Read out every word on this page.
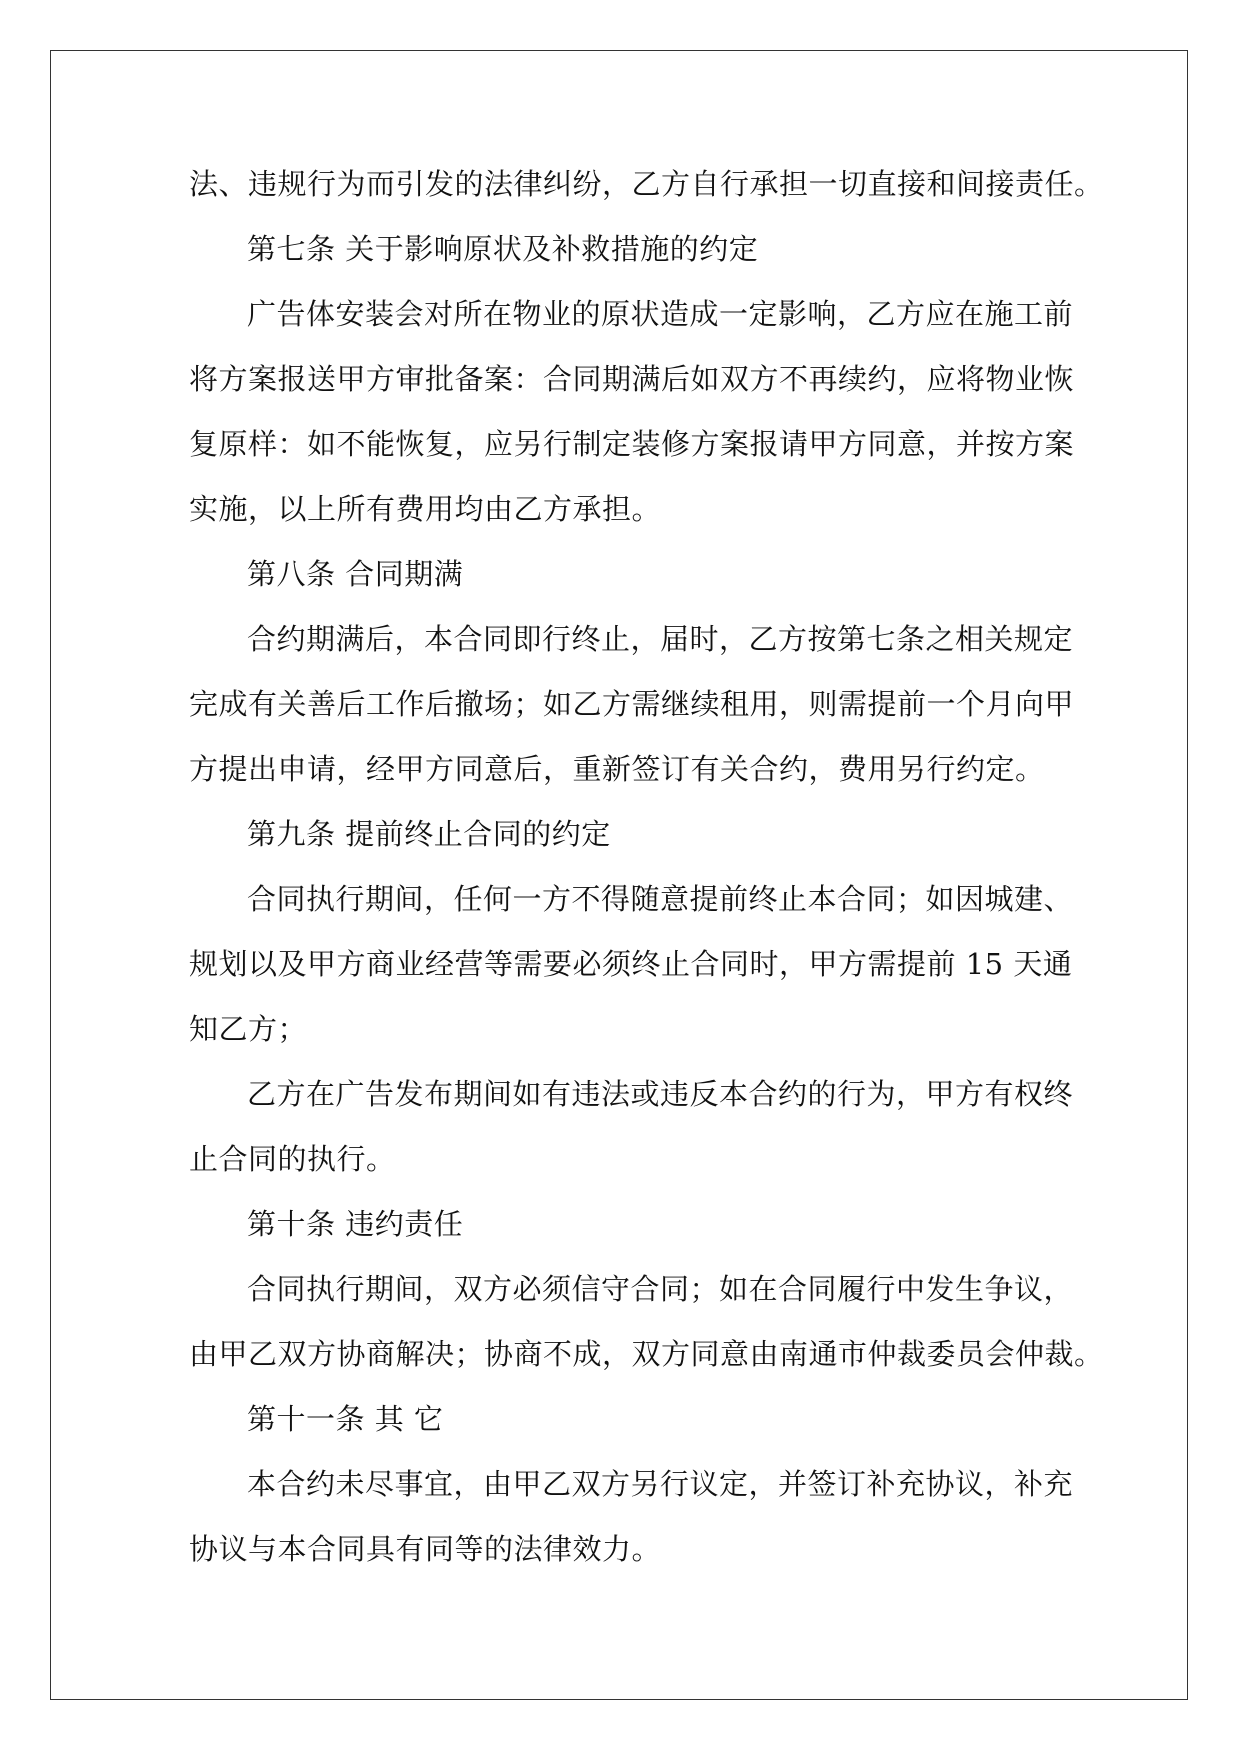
法、违规行为而引发的法律纠纷，乙方自行承担一切直接和间接责任。
第七条 关于影响原状及补救措施的约定
广告体安装会对所在物业的原状造成一定影响，乙方应在施工前
将方案报送甲方审批备案：合同期满后如双方不再续约，应将物业恢
复原样：如不能恢复，应另行制定装修方案报请甲方同意，并按方案
实施，以上所有费用均由乙方承担。
第八条 合同期满
合约期满后，本合同即行终止，届时，乙方按第七条之相关规定
完成有关善后工作后撤场；如乙方需继续租用，则需提前一个月向甲
方提出申请，经甲方同意后，重新签订有关合约，费用另行约定。
第九条 提前终止合同的约定
合同执行期间，任何一方不得随意提前终止本合同；如因城建、
规划以及甲方商业经营等需要必须终止合同时，甲方需提前 15 天通
知乙方；
乙方在广告发布期间如有违法或违反本合约的行为，甲方有权终
止合同的执行。
第十条 违约责任
合同执行期间，双方必须信守合同；如在合同履行中发生争议，
由甲乙双方协商解决；协商不成，双方同意由南通市仲裁委员会仲裁。
第十一条 其 它
本合约未尽事宜，由甲乙双方另行议定，并签订补充协议，补充
协议与本合同具有同等的法律效力。
